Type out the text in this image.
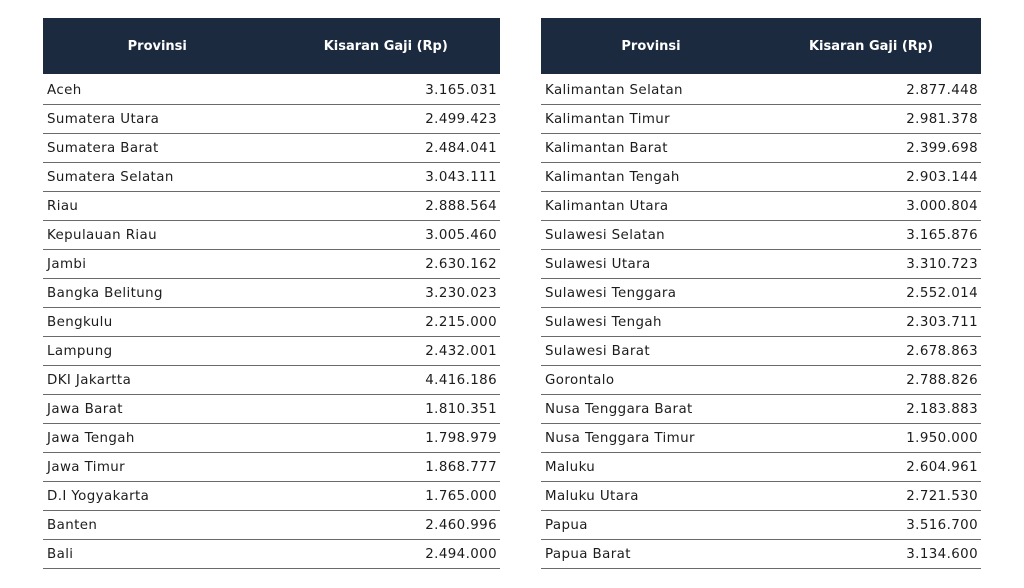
Provinsi	Kisaran Gaji (Rp)
Aceh	3.165.031
Sumatera Utara	2.499.423
Sumatera Barat	2.484.041
Sumatera Selatan	3.043.111
Riau	2.888.564
Kepulauan Riau	3.005.460
Jambi	2.630.162
Bangka Belitung	3.230.023
Bengkulu	2.215.000
Lampung	2.432.001
DKI Jakartta	4.416.186
Jawa Barat	1.810.351
Jawa Tengah	1.798.979
Jawa Timur	1.868.777
D.I Yogyakarta	1.765.000
Banten	2.460.996
Bali	2.494.000
Provinsi	Kisaran Gaji (Rp)
Kalimantan Selatan	2.877.448
Kalimantan Timur	2.981.378
Kalimantan Barat	2.399.698
Kalimantan Tengah	2.903.144
Kalimantan Utara	3.000.804
Sulawesi Selatan	3.165.876
Sulawesi Utara	3.310.723
Sulawesi Tenggara	2.552.014
Sulawesi Tengah	2.303.711
Sulawesi Barat	2.678.863
Gorontalo	2.788.826
Nusa Tenggara Barat	2.183.883
Nusa Tenggara Timur	1.950.000
Maluku	2.604.961
Maluku Utara	2.721.530
Papua	3.516.700
Papua Barat	3.134.600
